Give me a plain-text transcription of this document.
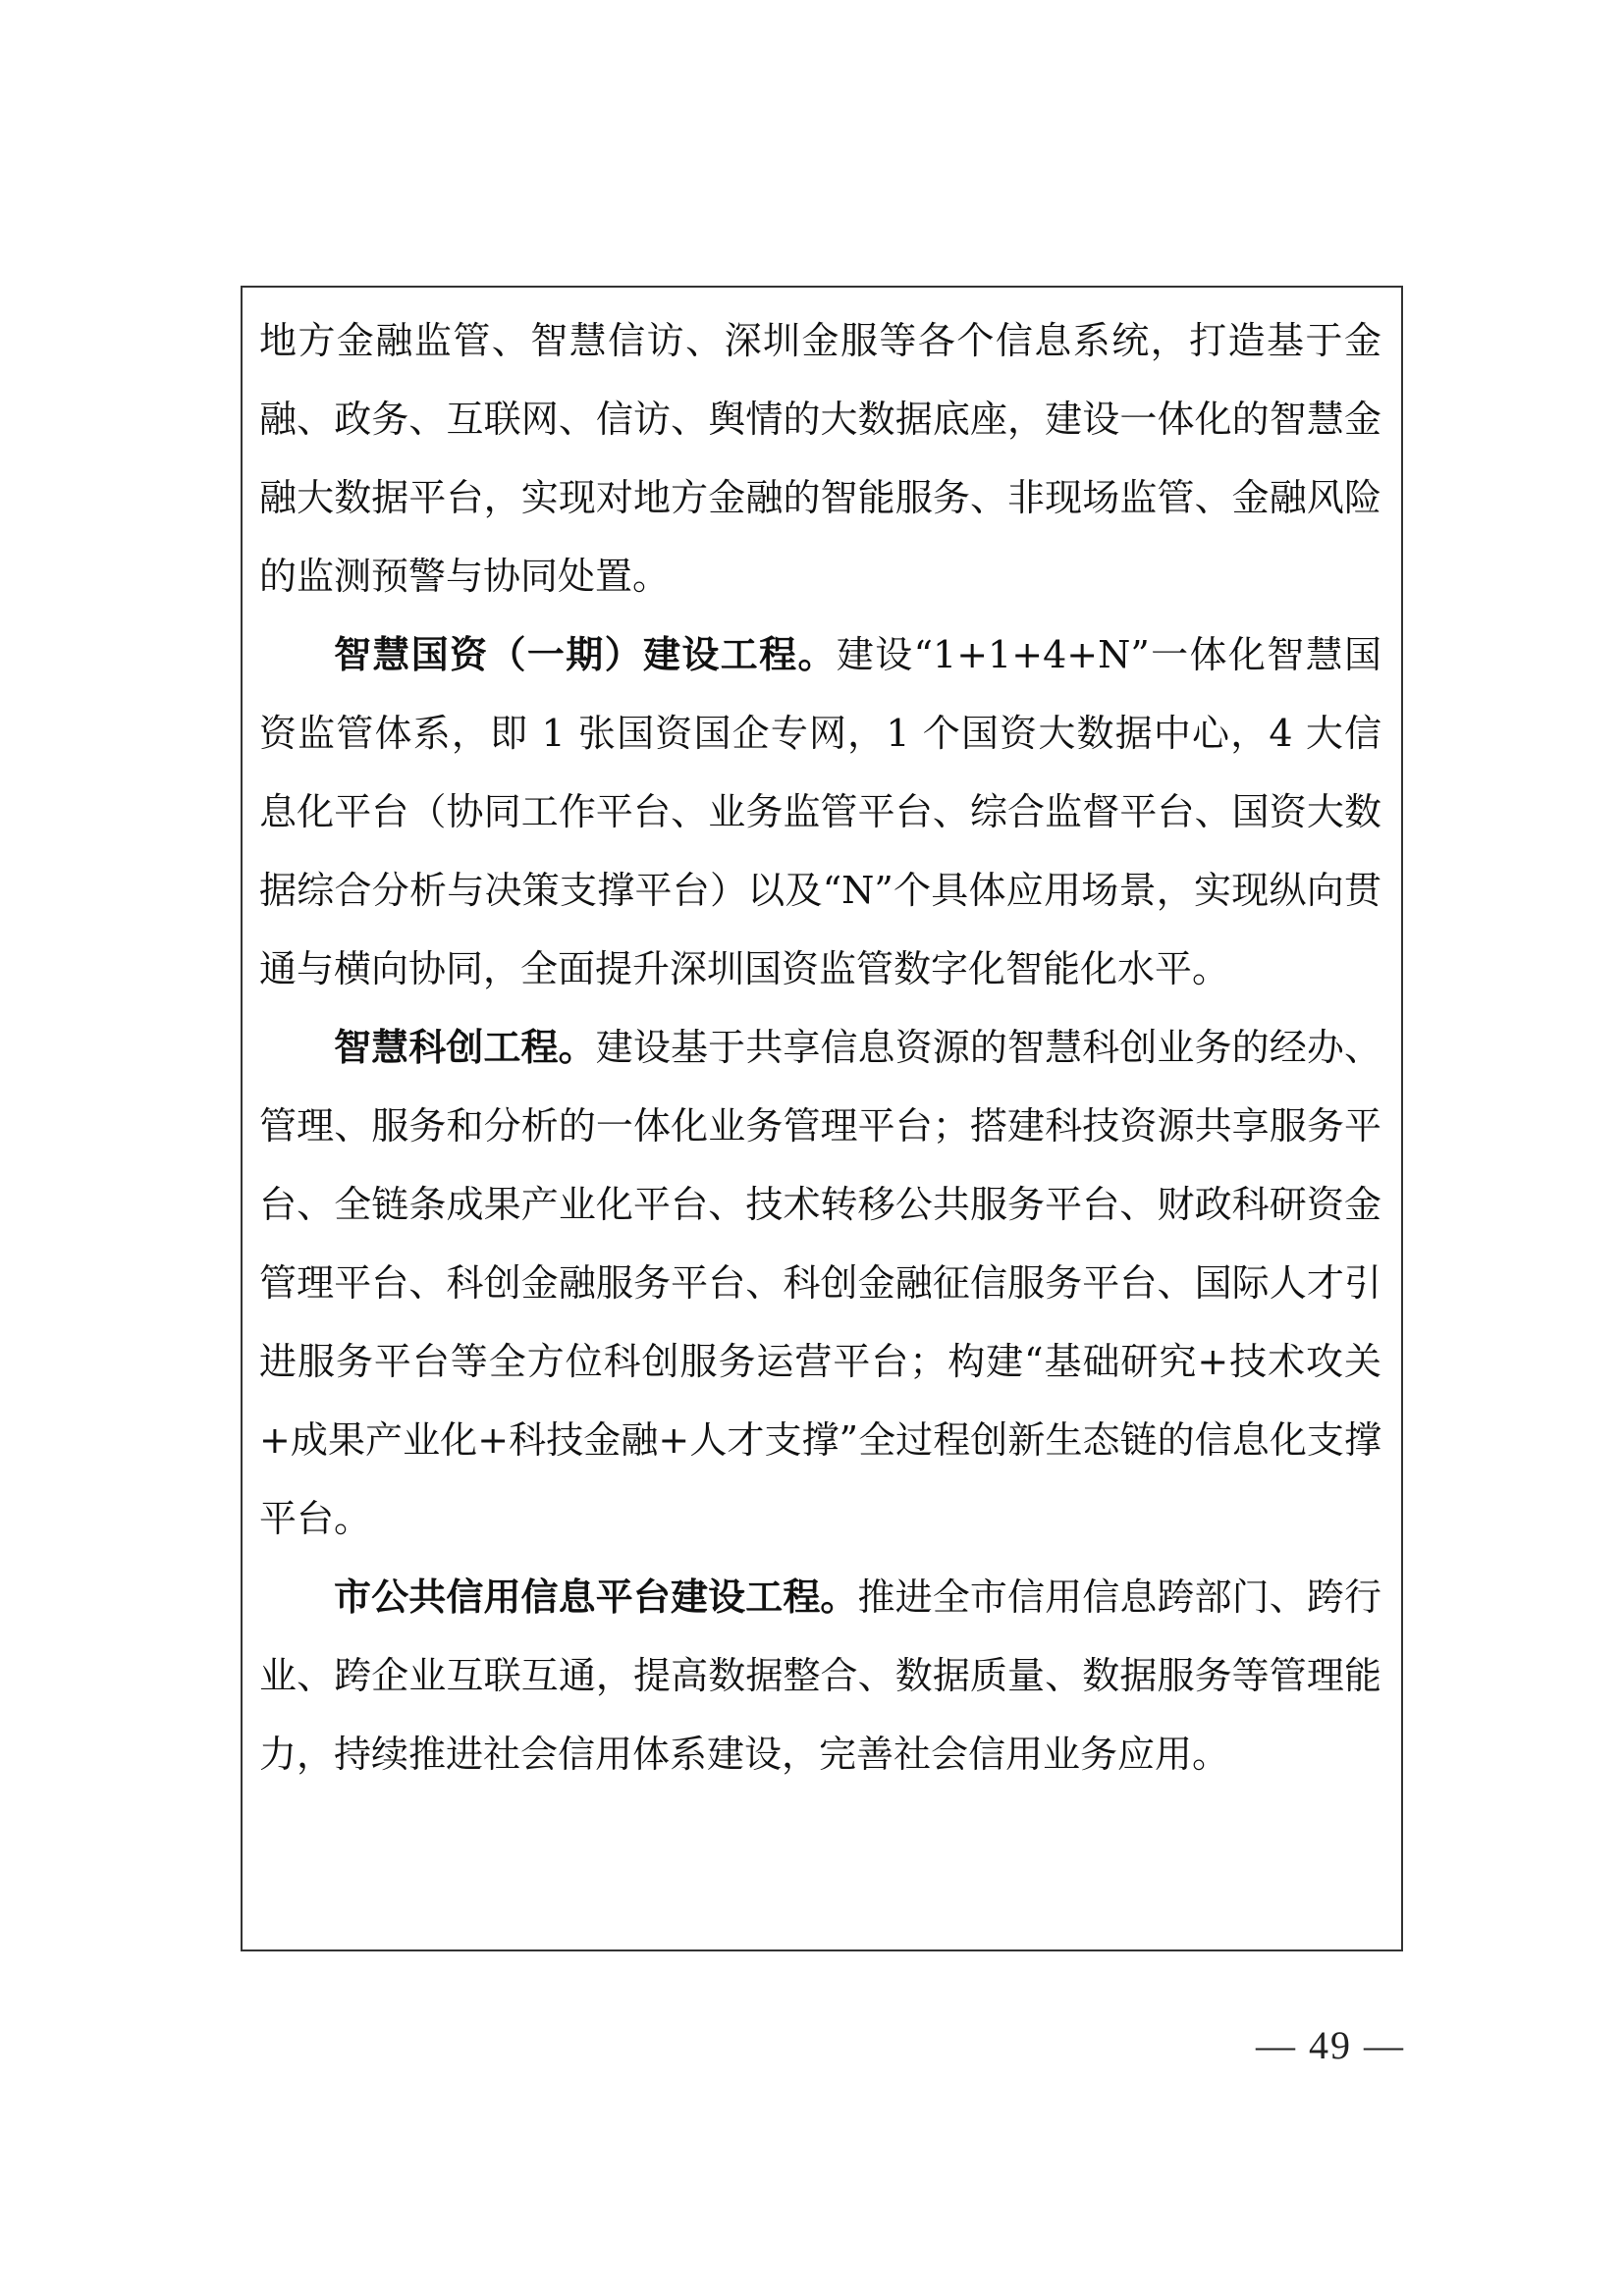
地方金融监管、智慧信访、深圳金服等各个信息系统，打造基于金融、政务、互联网、信访、舆情的大数据底座，建设一体化的智慧金融大数据平台，实现对地方金融的智能服务、非现场监管、金融风险的监测预警与协同处置。

智慧国资（一期）建设工程。建设“1+1+4+N”一体化智慧国资监管体系，即 1 张国资国企专网，1 个国资大数据中心，4 大信息化平台（协同工作平台、业务监管平台、综合监督平台、国资大数据综合分析与决策支撑平台）以及“N”个具体应用场景，实现纵向贯通与横向协同，全面提升深圳国资监管数字化智能化水平。

智慧科创工程。建设基于共享信息资源的智慧科创业务的经办、管理、服务和分析的一体化业务管理平台；搭建科技资源共享服务平台、全链条成果产业化平台、技术转移公共服务平台、财政科研资金管理平台、科创金融服务平台、科创金融征信服务平台、国际人才引进服务平台等全方位科创服务运营平台；构建“基础研究+技术攻关+成果产业化+科技金融+人才支撑”全过程创新生态链的信息化支撑平台。

市公共信用信息平台建设工程。推进全市信用信息跨部门、跨行业、跨企业互联互通，提高数据整合、数据质量、数据服务等管理能力，持续推进社会信用体系建设，完善社会信用业务应用。

— 49 —
